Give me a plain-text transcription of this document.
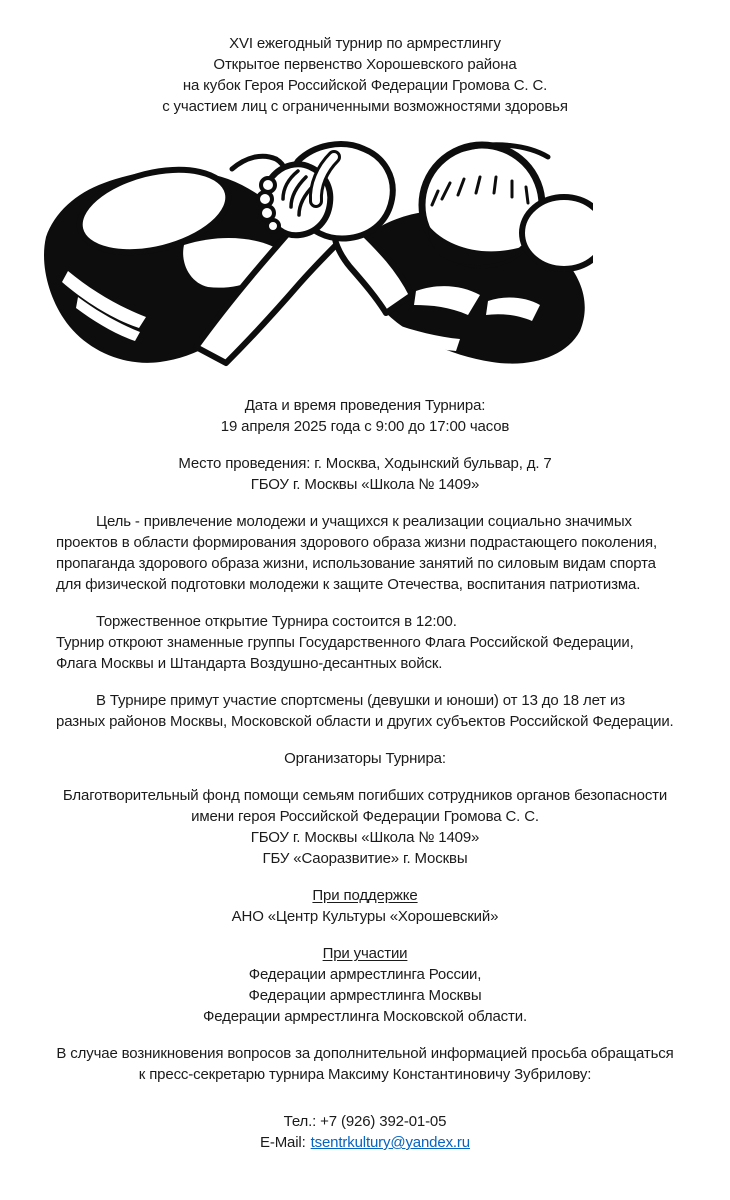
XVI ежегодный турнир по армрестлингу
Открытое первенство Хорошевского района
на кубок Героя Российской Федерации Громова С. С.
с участием лиц с ограниченными возможностями здоровья
Дата и время проведения Турнира:
19 апреля 2025 года с 9:00 до 17:00 часов
Место проведения: г. Москва, Ходынский бульвар, д. 7
ГБОУ г. Москвы «Школа № 1409»

Цель - привлечение молодежи и учащихся к реализации социально значимых проектов в области формирования здорового образа жизни подрастающего поколения, пропаганда здорового образа жизни, использование занятий по силовым видам спорта для физической подготовки молодежи к защите Отечества, воспитания патриотизма.

Торжественное открытие Турнира состоится в 12:00.

Турнир откроют знаменные группы Государственного Флага Российской Федерации, Флага Москвы и Штандарта Воздушно-десантных войск.

В Турнире примут участие спортсмены (девушки и юноши) от 13 до 18 лет из разных районов Москвы, Московской области и других субъектов Российской Федерации.

Организаторы Турнира:
Благотворительный фонд помощи семьям погибших сотрудников органов безопасности имени героя Российской Федерации Громова С. С.
ГБОУ г. Москвы «Школа № 1409»
ГБУ «Саоразвитие» г. Москвы
При поддержке
АНО «Центр Культуры «Хорошевский»
При участии
Федерации армрестлинга России,
Федерации армрестлинга Москвы
Федерации армрестлинга Московской области.

В случае возникновения вопросов за дополнительной информацией просьба обращаться к пресс-секретарю турнира Максиму Константиновичу Зубрилову:

Тел.: +7 (926) 392-01-05
E-Mail: tsentrkultury@yandex.ru
